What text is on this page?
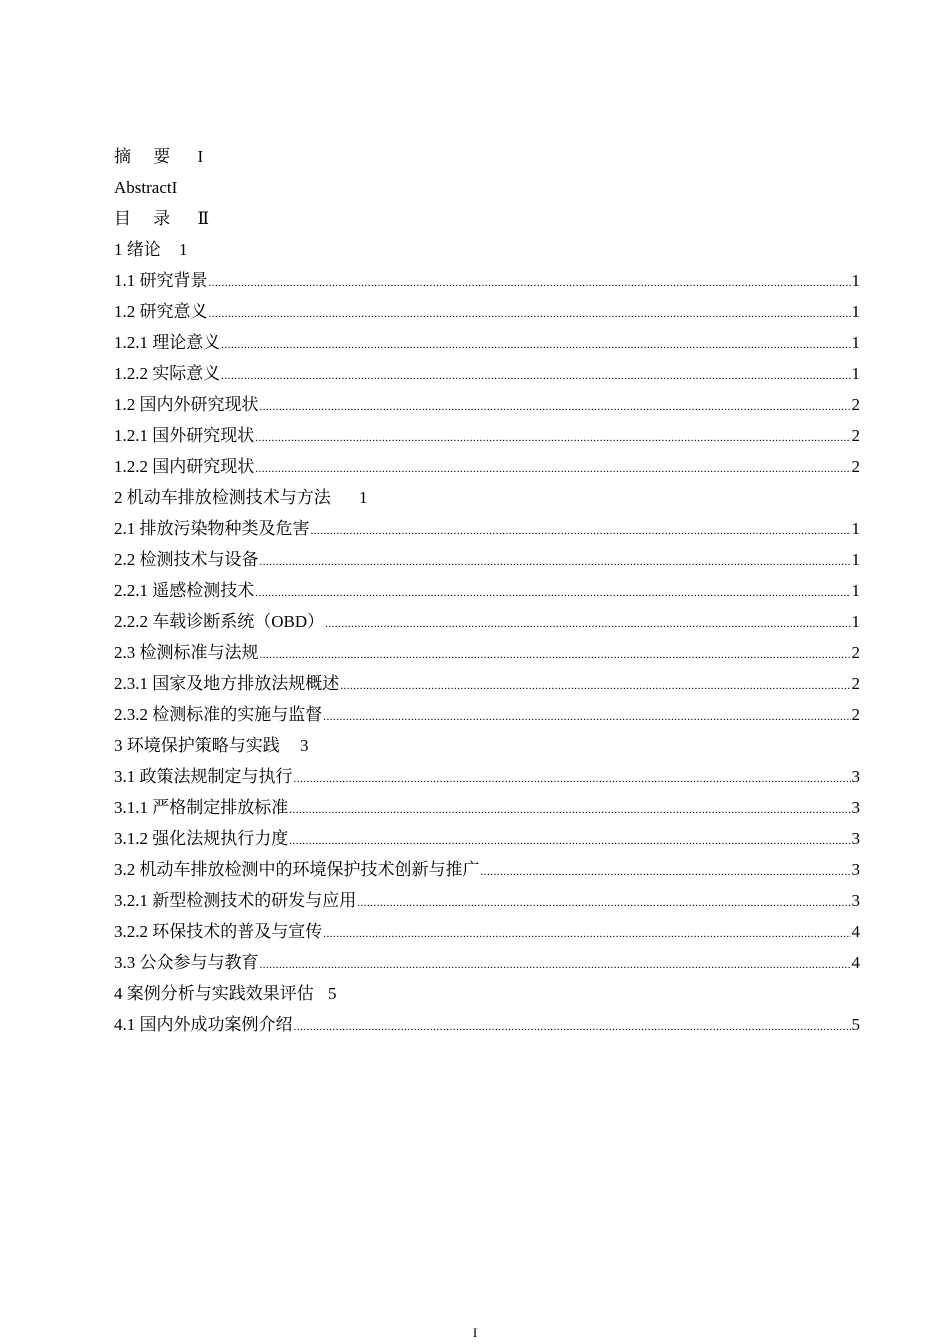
摘 要 I
AbstractI
目 录 Ⅱ
1 绪论 1
1.1 研究背景 .....	1
1.2 研究意义 .....	1
1.2.1 理论意义 .....	1
1.2.2 实际意义 .....	1
1.2 国内外研究现状 .....	2
1.2.1 国外研究现状 .....	2
1.2.2 国内研究现状 .....	2
2 机动车排放检测技术与方法 1
2.1 排放污染物种类及危害 .....	1
2.2 检测技术与设备 .....	1
2.2.1 遥感检测技术 .....	1
2.2.2 车载诊断系统（OBD） .....	1
2.3 检测标准与法规 .....	2
2.3.1 国家及地方排放法规概述 .....	2
2.3.2 检测标准的实施与监督 .....	2
3 环境保护策略与实践 3
3.1 政策法规制定与执行 .....	3
3.1.1 严格制定排放标准 .....	3
3.1.2 强化法规执行力度 .....	3
3.2 机动车排放检测中的环境保护技术创新与推广 .....	3
3.2.1 新型检测技术的研发与应用 .....	3
3.2.2 环保技术的普及与宣传 .....	4
3.3 公众参与与教育 .....	4
4 案例分析与实践效果评估 5
4.1 国内外成功案例介绍 .....	5
I
